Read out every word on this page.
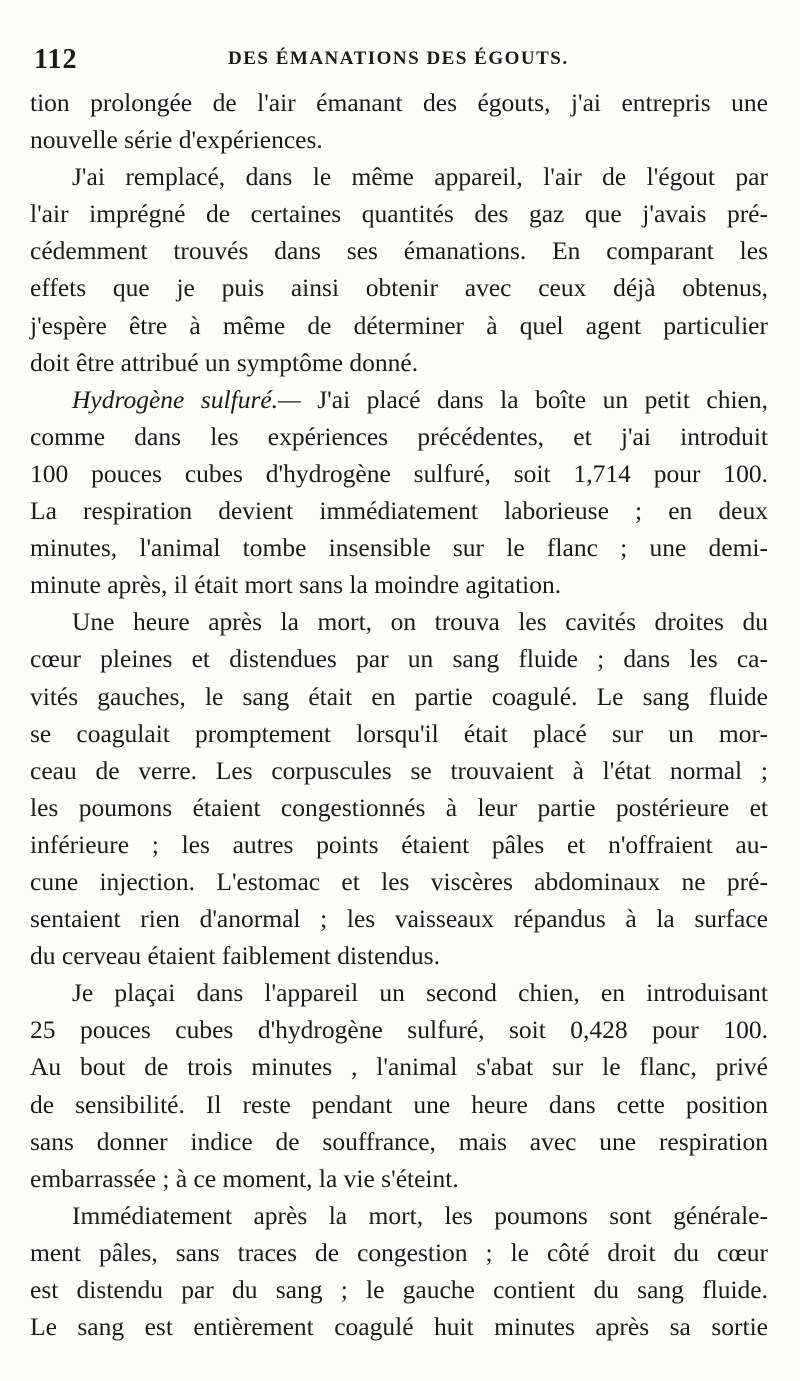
112	DES ÉMANATIONS DES ÉGOUTS.
tion prolongée de l'air émanant des égouts, j'ai entrepris une
nouvelle série d'expériences.
J'ai remplacé, dans le même appareil, l'air de l'égout par
l'air imprégné de certaines quantités des gaz que j'avais pré-
cédemment trouvés dans ses émanations. En comparant les
effets que je puis ainsi obtenir avec ceux déjà obtenus,
j'espère être à même de déterminer à quel agent particulier
doit être attribué un symptôme donné.
Hydrogène sulfuré.— J'ai placé dans la boîte un petit chien,
comme dans les expériences précédentes, et j'ai introduit
100 pouces cubes d'hydrogène sulfuré, soit 1,714 pour 100.
La respiration devient immédiatement laborieuse ; en deux
minutes, l'animal tombe insensible sur le flanc ; une demi-
minute après, il était mort sans la moindre agitation.
Une heure après la mort, on trouva les cavités droites du
cœur pleines et distendues par un sang fluide ; dans les ca-
vités gauches, le sang était en partie coagulé. Le sang fluide
se coagulait promptement lorsqu'il était placé sur un mor-
ceau de verre. Les corpuscules se trouvaient à l'état normal ;
les poumons étaient congestionnés à leur partie postérieure et
inférieure ; les autres points étaient pâles et n'offraient au-
cune injection. L'estomac et les viscères abdominaux ne pré-
sentaient rien d'anormal ; les vaisseaux répandus à la surface
du cerveau étaient faiblement distendus.
Je plaçai dans l'appareil un second chien, en introduisant
25 pouces cubes d'hydrogène sulfuré, soit 0,428 pour 100.
Au bout de trois minutes , l'animal s'abat sur le flanc, privé
de sensibilité. Il reste pendant une heure dans cette position
sans donner indice de souffrance, mais avec une respiration
embarrassée ; à ce moment, la vie s'éteint.
Immédiatement après la mort, les poumons sont générale-
ment pâles, sans traces de congestion ; le côté droit du cœur
est distendu par du sang ; le gauche contient du sang fluide.
Le sang est entièrement coagulé huit minutes après sa sortie
